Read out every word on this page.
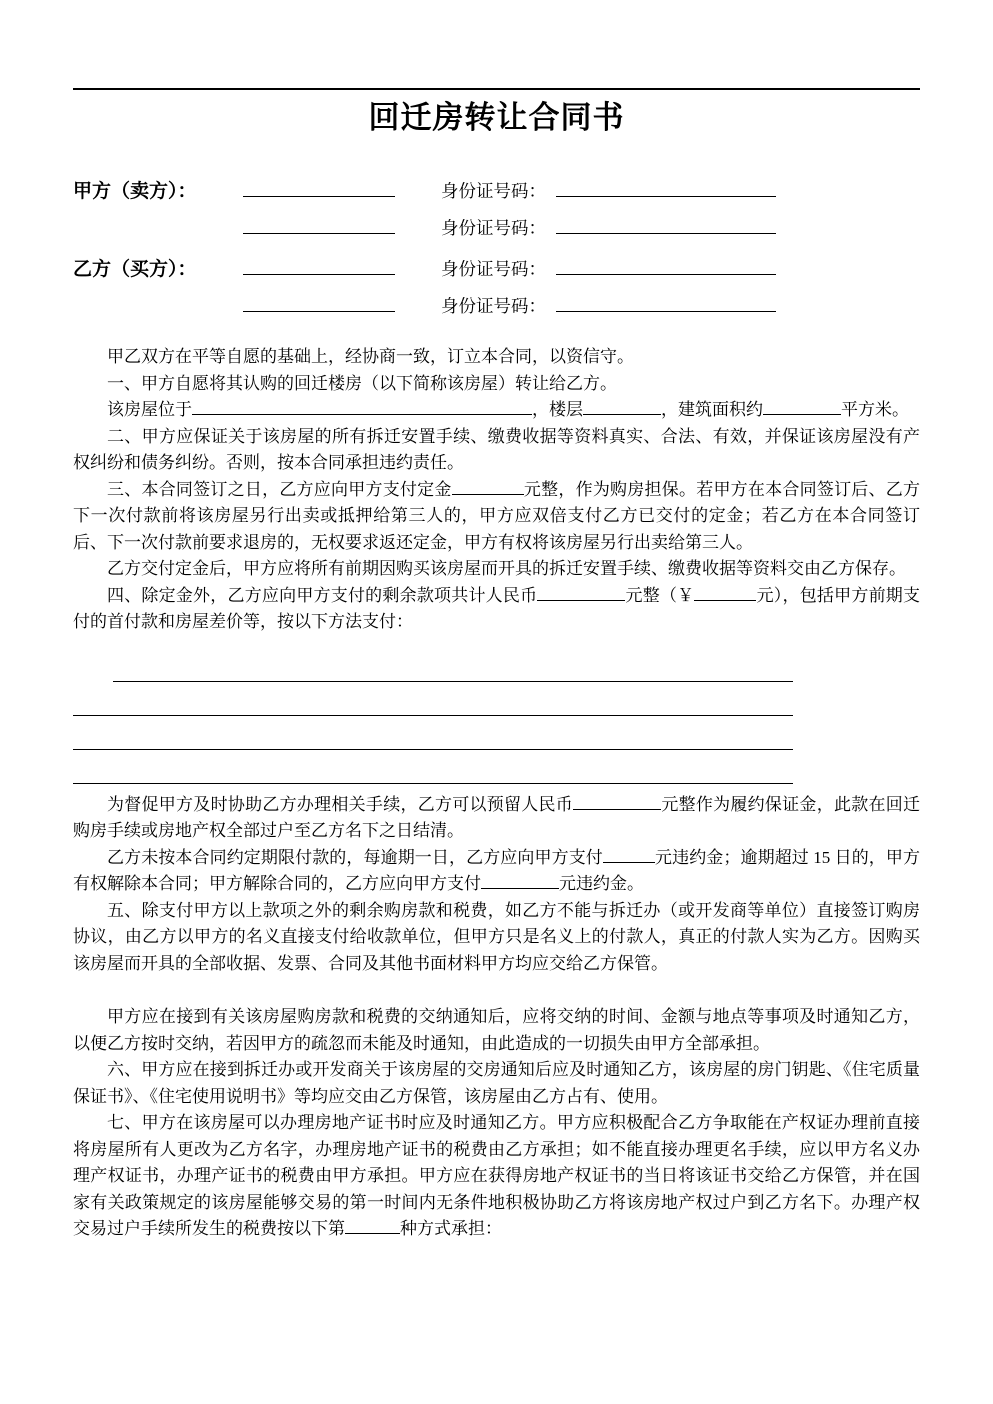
回迁房转让合同书
甲方（卖方）：	身份证号码：
身份证号码：
乙方（买方）：	身份证号码：
身份证号码：

甲乙双方在平等自愿的基础上，经协商一致，订立本合同，以资信守。

一、甲方自愿将其认购的回迁楼房（以下简称该房屋）转让给乙方。

该房屋位于	，楼层	，建筑面积约	平方米。

二、甲方应保证关于该房屋的所有拆迁安置手续、缴费收据等资料真实、合法、有效，并保证该房屋没有产权纠纷和债务纠纷。否则，按本合同承担违约责任。

三、本合同签订之日，乙方应向甲方支付定金	元整，作为购房担保。若甲方在本合同签订后、乙方下一次付款前将该房屋另行出卖或抵押给第三人的，甲方应双倍支付乙方已交付的定金；若乙方在本合同签订后、下一次付款前要求退房的，无权要求返还定金，甲方有权将该房屋另行出卖给第三人。

乙方交付定金后，甲方应将所有前期因购买该房屋而开具的拆迁安置手续、缴费收据等资料交由乙方保存。

四、除定金外，乙方应向甲方支付的剩余款项共计人民币	元整（￥	元），包括甲方前期支付的首付款和房屋差价等，按以下方法支付：

为督促甲方及时协助乙方办理相关手续，乙方可以预留人民币	元整作为履约保证金，此款在回迁购房手续或房地产权全部过户至乙方名下之日结清。

乙方未按本合同约定期限付款的，每逾期一日，乙方应向甲方支付	元违约金；逾期超过 15 日的，甲方有权解除本合同；甲方解除合同的，乙方应向甲方支付	元违约金。

五、除支付甲方以上款项之外的剩余购房款和税费，如乙方不能与拆迁办（或开发商等单位）直接签订购房协议，由乙方以甲方的名义直接支付给收款单位，但甲方只是名义上的付款人，真正的付款人实为乙方。因购买该房屋而开具的全部收据、发票、合同及其他书面材料甲方均应交给乙方保管。

甲方应在接到有关该房屋购房款和税费的交纳通知后，应将交纳的时间、金额与地点等事项及时通知乙方，以便乙方按时交纳，若因甲方的疏忽而未能及时通知，由此造成的一切损失由甲方全部承担。

六、甲方应在接到拆迁办或开发商关于该房屋的交房通知后应及时通知乙方，该房屋的房门钥匙、《住宅质量保证书》、《住宅使用说明书》等均应交由乙方保管，该房屋由乙方占有、使用。

七、甲方在该房屋可以办理房地产证书时应及时通知乙方。甲方应积极配合乙方争取能在产权证办理前直接将房屋所有人更改为乙方名字，办理房地产证书的税费由乙方承担；如不能直接办理更名手续，应以甲方名义办理产权证书，办理产证书的税费由甲方承担。甲方应在获得房地产权证书的当日将该证书交给乙方保管，并在国家有关政策规定的该房屋能够交易的第一时间内无条件地积极协助乙方将该房地产权过户到乙方名下。办理产权交易过户手续所发生的税费按以下第	种方式承担：
